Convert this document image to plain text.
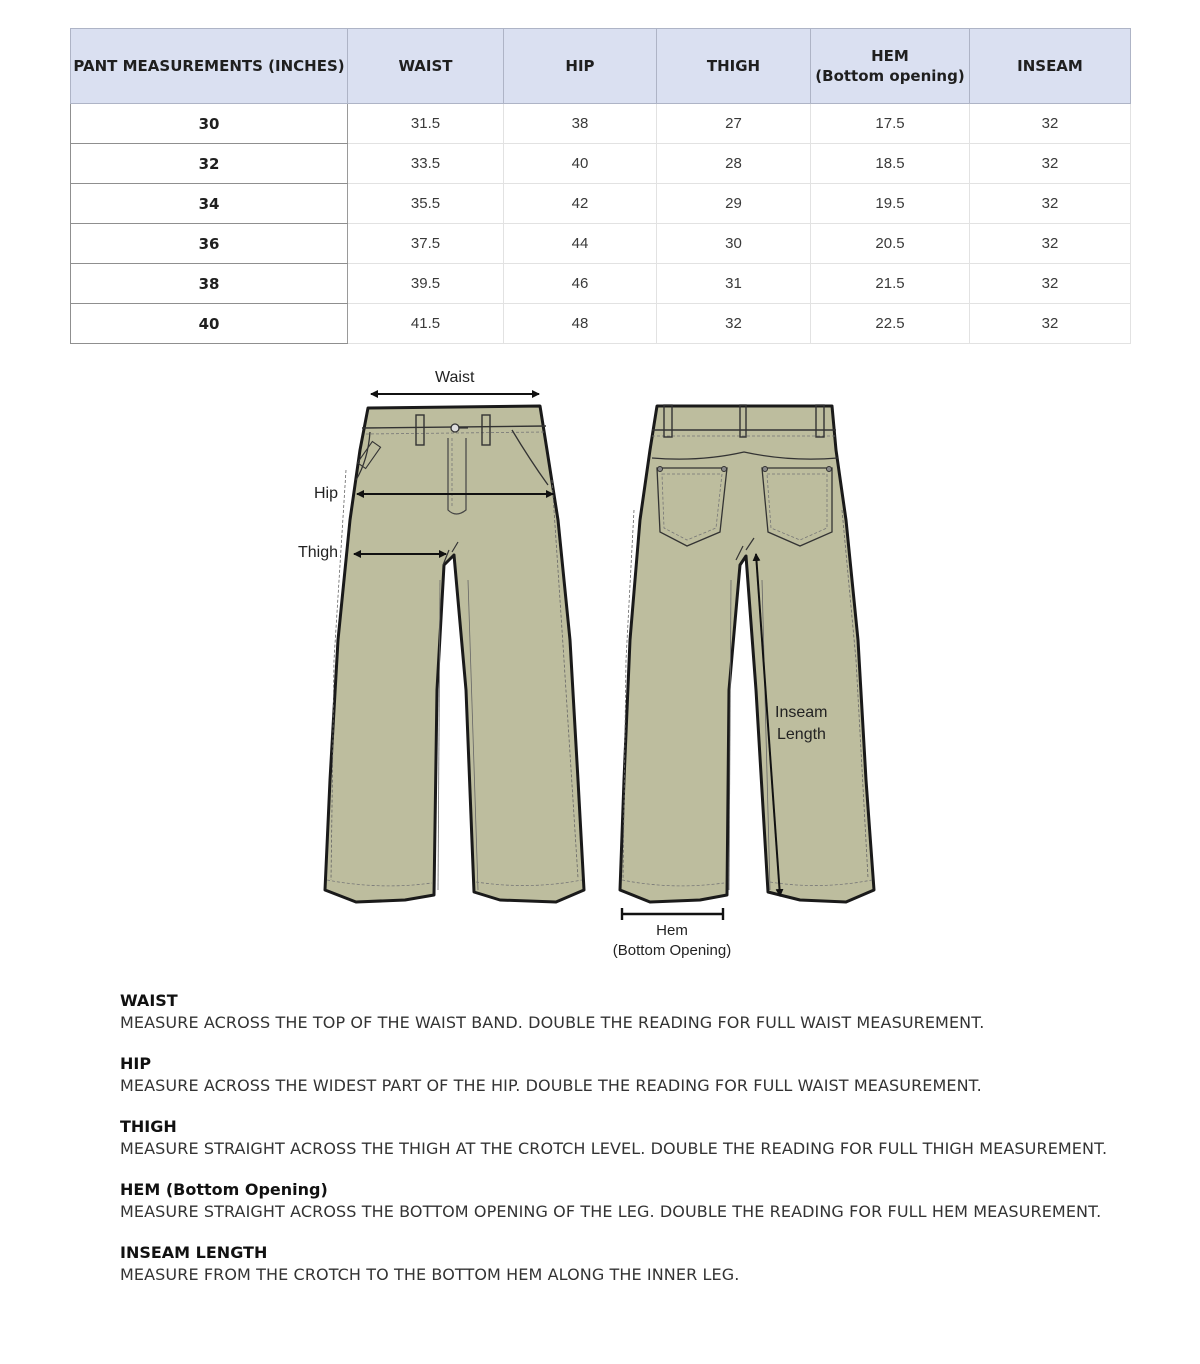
PANT MEASUREMENTS (INCHES)	WAIST	HIP	THIGH	HEM
(Bottom opening)	INSEAM
30	31.5	38	27	17.5	32
32	33.5	40	28	18.5	32
34	35.5	42	29	19.5	32
36	37.5	44	30	20.5	32
38	39.5	46	31	21.5	32
40	41.5	48	32	22.5	32
Waist
Hip
Thigh
Inseam
Length
Hem
(Bottom Opening)
WAIST
MEASURE ACROSS THE TOP OF THE WAIST BAND. DOUBLE THE READING FOR FULL WAIST MEASUREMENT.
HIP
MEASURE ACROSS THE WIDEST PART OF THE HIP. DOUBLE THE READING FOR FULL WAIST MEASUREMENT.
THIGH
MEASURE STRAIGHT ACROSS THE THIGH AT THE CROTCH LEVEL. DOUBLE THE READING FOR FULL THIGH MEASUREMENT.
HEM (Bottom Opening)
MEASURE STRAIGHT ACROSS THE BOTTOM OPENING OF THE LEG. DOUBLE THE READING FOR FULL HEM MEASUREMENT.
INSEAM LENGTH
MEASURE FROM THE CROTCH TO THE BOTTOM HEM ALONG THE INNER LEG.
